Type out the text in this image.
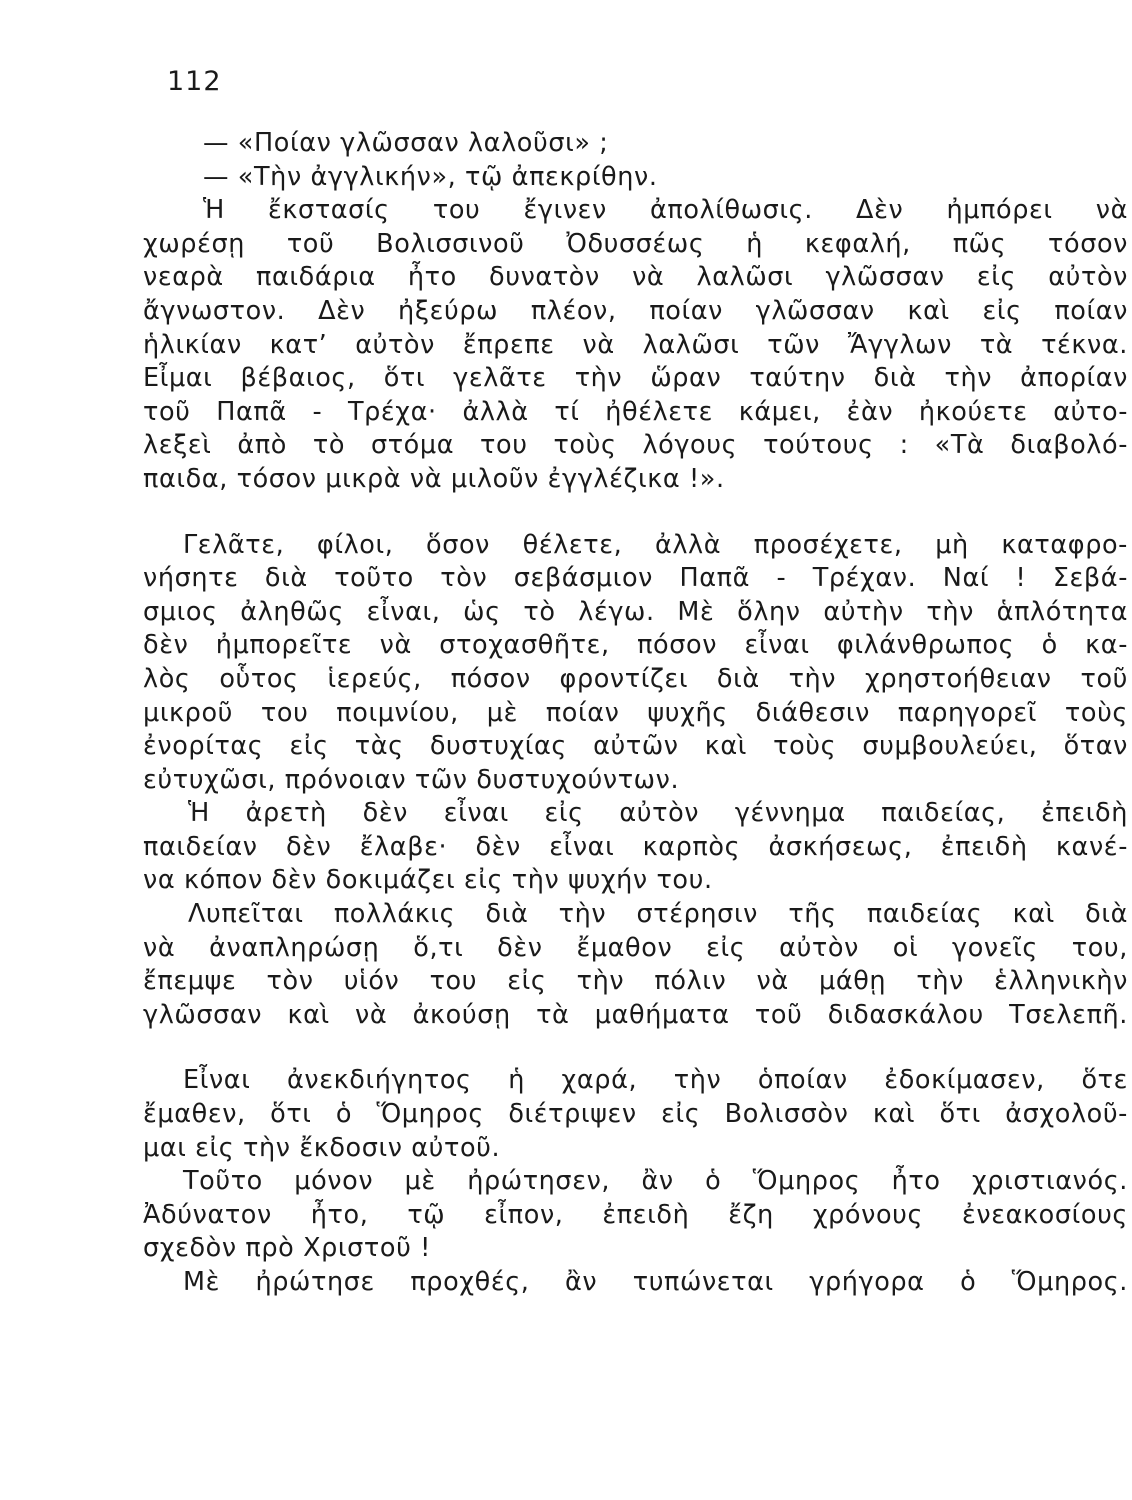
112
— «Ποίαν γλῶσσαν λαλοῦσι» ;
— «Τὴν ἀγγλικήν», τῷ ἀπεκρίθην.
Ἡ ἔκστασίς του ἔγινεν ἀπολίθωσις. Δὲν ἠμπόρει νὰ
χωρέσῃ τοῦ Βολισσινοῦ Ὀδυσσέως ἡ κεφαλή, πῶς τόσον
νεαρὰ παιδάρια ἦτο δυνατὸν νὰ λαλῶσι γλῶσσαν εἰς αὐτὸν
ἄγνωστον. Δὲν ἠξεύρω πλέον, ποίαν γλῶσσαν καὶ εἰς ποίαν
ἡλικίαν κατ’ αὐτὸν ἔπρεπε νὰ λαλῶσι τῶν Ἄγγλων τὰ τέκνα.
Εἶμαι βέβαιος, ὅτι γελᾶτε τὴν ὥραν ταύτην διὰ τὴν ἀπορίαν
τοῦ Παπᾶ - Τρέχα· ἀλλὰ τί ἠθέλετε κάμει, ἐὰν ἠκούετε αὐτο-
λεξεὶ ἀπὸ τὸ στόμα του τοὺς λόγους τούτους : «Τὰ διαβολό-
παιδα, τόσον μικρὰ νὰ μιλοῦν ἐγγλέζικα !».
Γελᾶτε, φίλοι, ὅσον θέλετε, ἀλλὰ προσέχετε, μὴ καταφρο-
νήσητε διὰ τοῦτο τὸν σεβάσμιον Παπᾶ - Τρέχαν. Ναί ! Σεβά-
σμιος ἀληθῶς εἶναι, ὡς τὸ λέγω. Μὲ ὅλην αὐτὴν τὴν ἁπλότητα
δὲν ἠμπορεῖτε νὰ στοχασθῆτε, πόσον εἶναι φιλάνθρωπος ὁ κα-
λὸς οὗτος ἱερεύς, πόσον φροντίζει διὰ τὴν χρηστοήθειαν τοῦ
μικροῦ του ποιμνίου, μὲ ποίαν ψυχῆς διάθεσιν παρηγορεῖ τοὺς
ἐνορίτας εἰς τὰς δυστυχίας αὐτῶν καὶ τοὺς συμβουλεύει, ὅταν
εὐτυχῶσι, πρόνοιαν τῶν δυστυχούντων.
Ἡ ἀρετὴ δὲν εἶναι εἰς αὐτὸν γέννημα παιδείας, ἐπειδὴ
παιδείαν δὲν ἔλαβε· δὲν εἶναι καρπὸς ἀσκήσεως, ἐπειδὴ κανέ-
να κόπον δὲν δοκιμάζει εἰς τὴν ψυχήν του.
Λυπεῖται πολλάκις διὰ τὴν στέρησιν τῆς παιδείας καὶ διὰ
νὰ ἀναπληρώσῃ ὅ,τι δὲν ἔμαθον εἰς αὐτὸν οἱ γονεῖς του,
ἔπεμψε τὸν υἱόν του εἰς τὴν πόλιν νὰ μάθῃ τὴν ἑλληνικὴν
γλῶσσαν καὶ νὰ ἀκούσῃ τὰ μαθήματα τοῦ διδασκάλου Τσελεπῆ.
Εἶναι ἀνεκδιήγητος ἡ χαρά, τὴν ὁποίαν ἐδοκίμασεν, ὅτε
ἔμαθεν, ὅτι ὁ Ὅμηρος διέτριψεν εἰς Βολισσὸν καὶ ὅτι ἀσχολοῦ-
μαι εἰς τὴν ἔκδοσιν αὐτοῦ.
Τοῦτο μόνον μὲ ἠρώτησεν, ἂν ὁ Ὅμηρος ἦτο χριστιανός.
Ἀδύνατον ἦτο, τῷ εἶπον, ἐπειδὴ ἔζη χρόνους ἐνεακοσίους
σχεδὸν πρὸ Χριστοῦ !
Μὲ ἠρώτησε προχθές, ἂν τυπώνεται γρήγορα ὁ Ὅμηρος.
